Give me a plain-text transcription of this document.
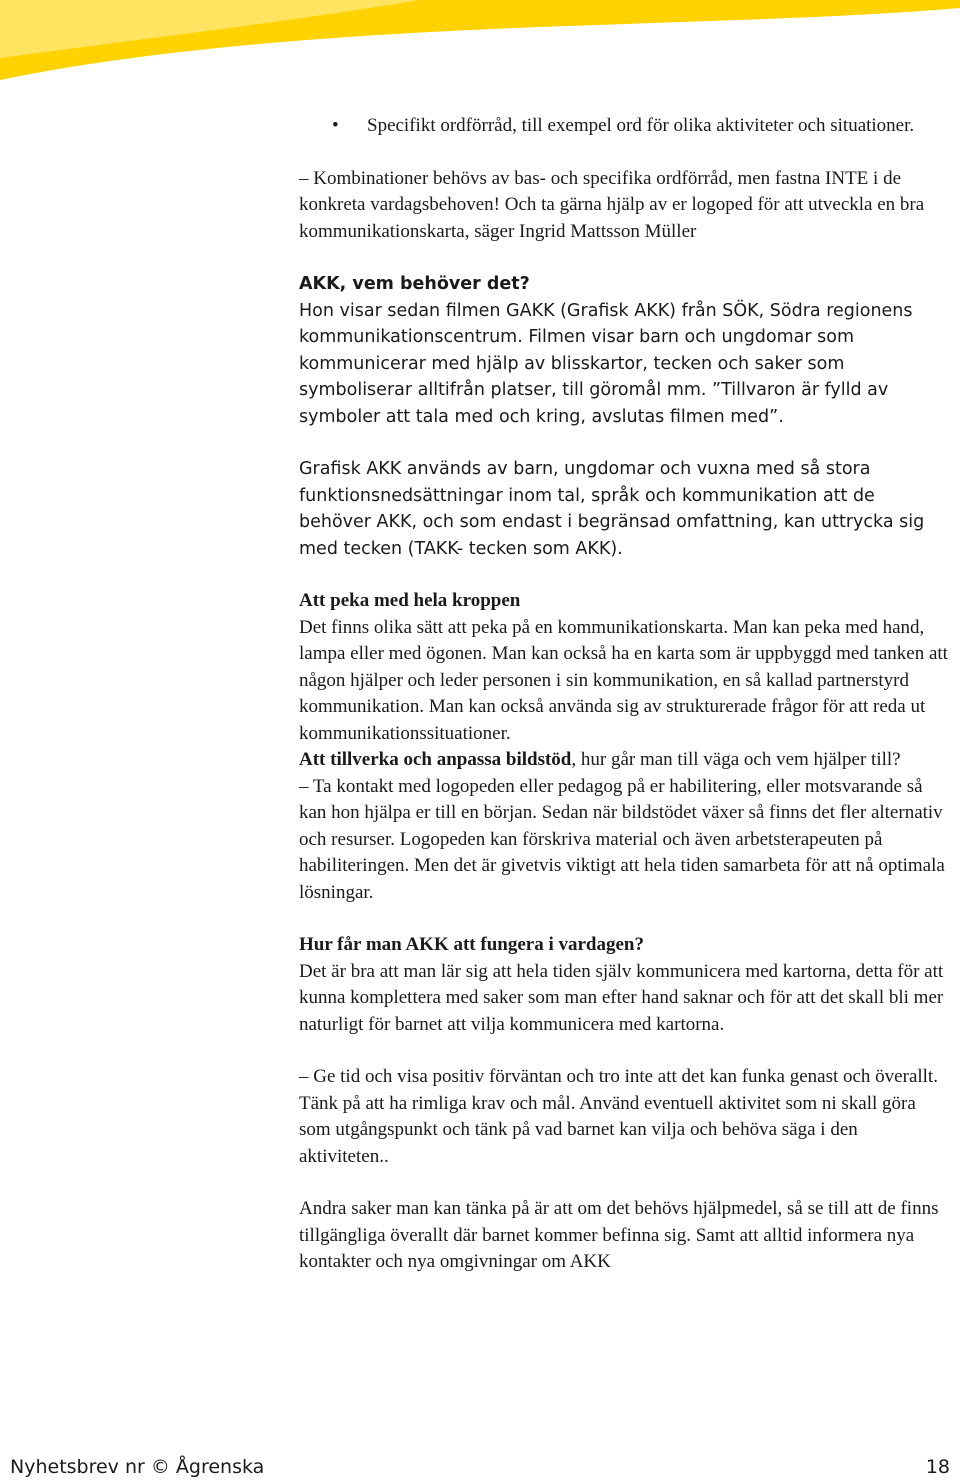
• Specifikt ordförråd, till exempel ord för olika aktiviteter och situationer.

– Kombinationer behövs av bas- och specifika ordförråd, men fastna INTE i de konkreta vardagsbehoven! Och ta gärna hjälp av er logoped för att utveckla en bra kommunikationskarta, säger Ingrid Mattsson Müller

AKK, vem behöver det?

Hon visar sedan filmen GAKK (Grafisk AKK) från SÖK, Södra regionens kommunikationscentrum. Filmen visar barn och ungdomar som kommunicerar med hjälp av blisskartor, tecken och saker som symboliserar alltifrån platser, till göromål mm. ”Tillvaron är fylld av symboler att tala med och kring, avslutas filmen med”.

Grafisk AKK används av barn, ungdomar och vuxna med så stora funktionsnedsättningar inom tal, språk och kommunikation att de behöver AKK, och som endast i begränsad omfattning, kan uttrycka sig med tecken (TAKK- tecken som AKK).

Att peka med hela kroppen

Det finns olika sätt att peka på en kommunikationskarta. Man kan peka med hand, lampa eller med ögonen. Man kan också ha en karta som är uppbyggd med tanken att någon hjälper och leder personen i sin kommunikation, en så kallad partnerstyrd kommunikation. Man kan också använda sig av strukturerade frågor för att reda ut kommunikationssituationer.

Att tillverka och anpassa bildstöd, hur går man till väga och vem hjälper till?

– Ta kontakt med logopeden eller pedagog på er habilitering, eller motsvarande så kan hon hjälpa er till en början. Sedan när bildstödet växer så finns det fler alternativ och resurser. Logopeden kan förskriva material och även arbetsterapeuten på habiliteringen. Men det är givetvis viktigt att hela tiden samarbeta för att nå optimala lösningar.

Hur får man AKK att fungera i vardagen?

Det är bra att man lär sig att hela tiden själv kommunicera med kartorna, detta för att kunna komplettera med saker som man efter hand saknar och för att det skall bli mer naturligt för barnet att vilja kommunicera med kartorna.

– Ge tid och visa positiv förväntan och tro inte att det kan funka genast och överallt. Tänk på att ha rimliga krav och mål. Använd eventuell aktivitet som ni skall göra som utgångspunkt och tänk på vad barnet kan vilja och behöva säga i den aktiviteten..

Andra saker man kan tänka på är att om det behövs hjälpmedel, så se till att de finns tillgängliga överallt där barnet kommer befinna sig. Samt att alltid informera nya kontakter och nya omgivningar om AKK

Nyhetsbrev nr © Ågrenska	18
